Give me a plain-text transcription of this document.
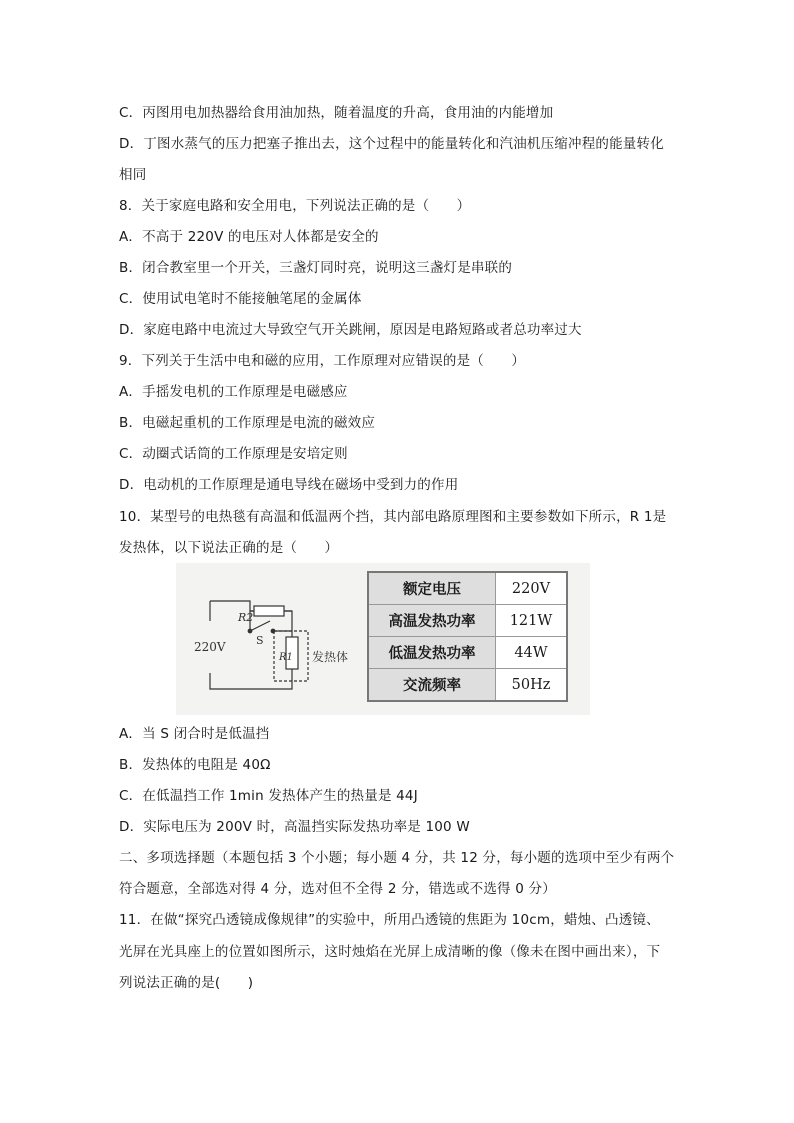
C．丙图用电加热器给食用油加热，随着温度的升高，食用油的内能增加
D．丁图水蒸气的压力把塞子推出去，这个过程中的能量转化和汽油机压缩冲程的能量转化
相同
8．关于家庭电路和安全用电，下列说法正确的是（　　）
A．不高于 220V 的电压对人体都是安全的
B．闭合教室里一个开关，三盏灯同时亮，说明这三盏灯是串联的
C．使用试电笔时不能接触笔尾的金属体
D．家庭电路中电流过大导致空气开关跳闸，原因是电路短路或者总功率过大
9．下列关于生活中电和磁的应用，工作原理对应错误的是（　　）
A．手摇发电机的工作原理是电磁感应
B．电磁起重机的工作原理是电流的磁效应
C．动圈式话筒的工作原理是安培定则
D．电动机的工作原理是通电导线在磁场中受到力的作用
10．某型号的电热毯有高温和低温两个挡，其内部电路原理图和主要参数如下所示，R 1是
发热体，以下说法正确的是（　　）
R2
S
R1
220V
发热体
额定电压	220V
高温发热功率	121W
低温发热功率	44W
交流频率	50Hz
A．当 S 闭合时是低温挡
B．发热体的电阻是 40Ω
C．在低温挡工作 1min 发热体产生的热量是 44J
D．实际电压为 200V 时，高温挡实际发热功率是 100 W
二、多项选择题（本题包括 3 个小题；每小题 4 分，共 12 分，每小题的选项中至少有两个
符合题意，全部选对得 4 分，选对但不全得 2 分，错选或不选得 0 分）
11．在做“探究凸透镜成像规律”的实验中，所用凸透镜的焦距为 10cm，蜡烛、凸透镜、
光屏在光具座上的位置如图所示，这时烛焰在光屏上成清晰的像（像未在图中画出来），下
列说法正确的是(　　)
